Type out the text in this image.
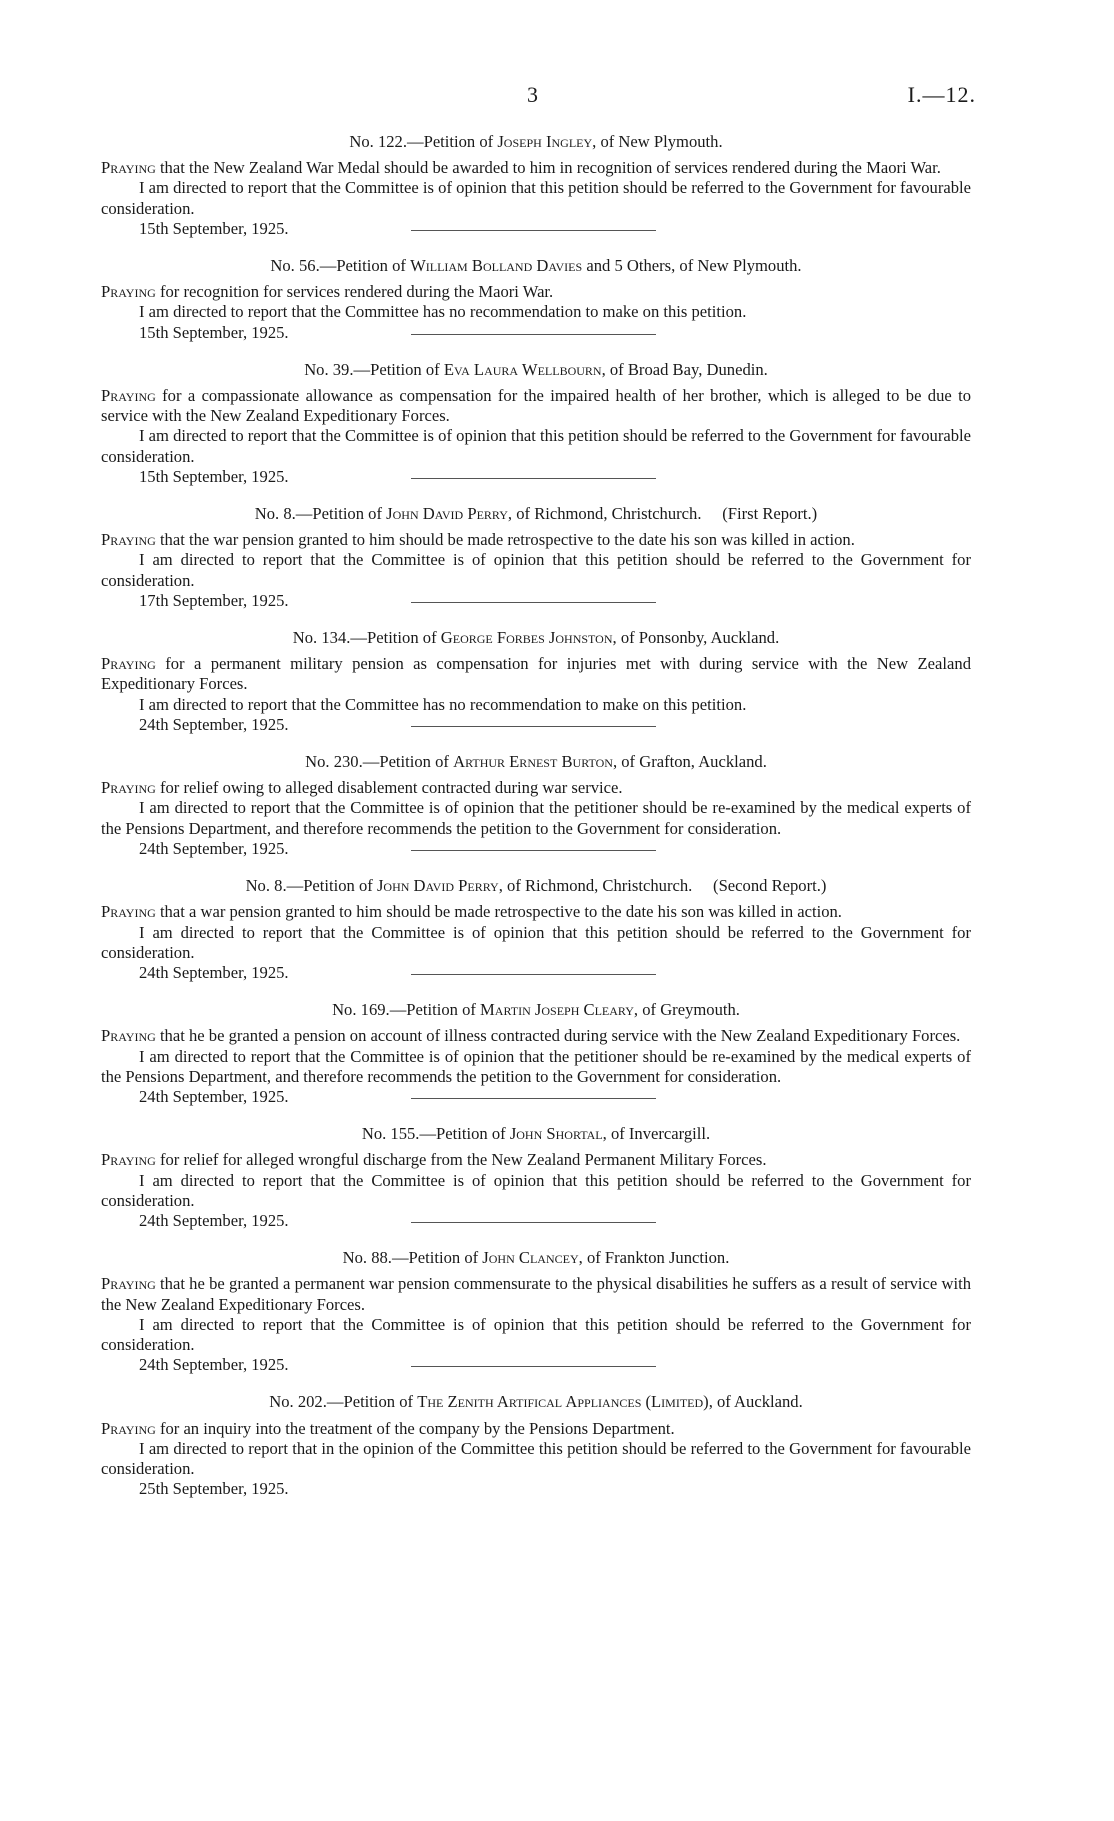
3	I.—12.
No. 122.—Petition of Joseph Ingley, of New Plymouth.

Praying that the New Zealand War Medal should be awarded to him in recognition of services rendered during the Maori War.

I am directed to report that the Committee is of opinion that this petition should be referred to the Government for favourable consideration.

15th September, 1925.

No. 56.—Petition of William Bolland Davies and 5 Others, of New Plymouth.

Praying for recognition for services rendered during the Maori War.

I am directed to report that the Committee has no recommendation to make on this petition.

15th September, 1925.

No. 39.—Petition of Eva Laura Wellbourn, of Broad Bay, Dunedin.

Praying for a compassionate allowance as compensation for the impaired health of her brother, which is alleged to be due to service with the New Zealand Expeditionary Forces.

I am directed to report that the Committee is of opinion that this petition should be referred to the Government for favourable consideration.

15th September, 1925.

No. 8.—Petition of John David Perry, of Richmond, Christchurch. (First Report.)

Praying that the war pension granted to him should be made retrospective to the date his son was killed in action.

I am directed to report that the Committee is of opinion that this petition should be referred to the Government for consideration.

17th September, 1925.

No. 134.—Petition of George Forbes Johnston, of Ponsonby, Auckland.

Praying for a permanent military pension as compensation for injuries met with during service with the New Zealand Expeditionary Forces.

I am directed to report that the Committee has no recommendation to make on this petition.

24th September, 1925.

No. 230.—Petition of Arthur Ernest Burton, of Grafton, Auckland.

Praying for relief owing to alleged disablement contracted during war service.

I am directed to report that the Committee is of opinion that the petitioner should be re-examined by the medical experts of the Pensions Department, and therefore recommends the petition to the Government for consideration.

24th September, 1925.

No. 8.—Petition of John David Perry, of Richmond, Christchurch. (Second Report.)

Praying that a war pension granted to him should be made retrospective to the date his son was killed in action.

I am directed to report that the Committee is of opinion that this petition should be referred to the Government for consideration.

24th September, 1925.

No. 169.—Petition of Martin Joseph Cleary, of Greymouth.

Praying that he be granted a pension on account of illness contracted during service with the New Zealand Expeditionary Forces.

I am directed to report that the Committee is of opinion that the petitioner should be re-examined by the medical experts of the Pensions Department, and therefore recommends the petition to the Government for consideration.

24th September, 1925.

No. 155.—Petition of John Shortal, of Invercargill.

Praying for relief for alleged wrongful discharge from the New Zealand Permanent Military Forces.

I am directed to report that the Committee is of opinion that this petition should be referred to the Government for consideration.

24th September, 1925.

No. 88.—Petition of John Clancey, of Frankton Junction.

Praying that he be granted a permanent war pension commensurate to the physical disabilities he suffers as a result of service with the New Zealand Expeditionary Forces.

I am directed to report that the Committee is of opinion that this petition should be referred to the Government for consideration.

24th September, 1925.

No. 202.—Petition of The Zenith Artifical Appliances (Limited), of Auckland.

Praying for an inquiry into the treatment of the company by the Pensions Department.

I am directed to report that in the opinion of the Committee this petition should be referred to the Government for favourable consideration.

25th September, 1925.
